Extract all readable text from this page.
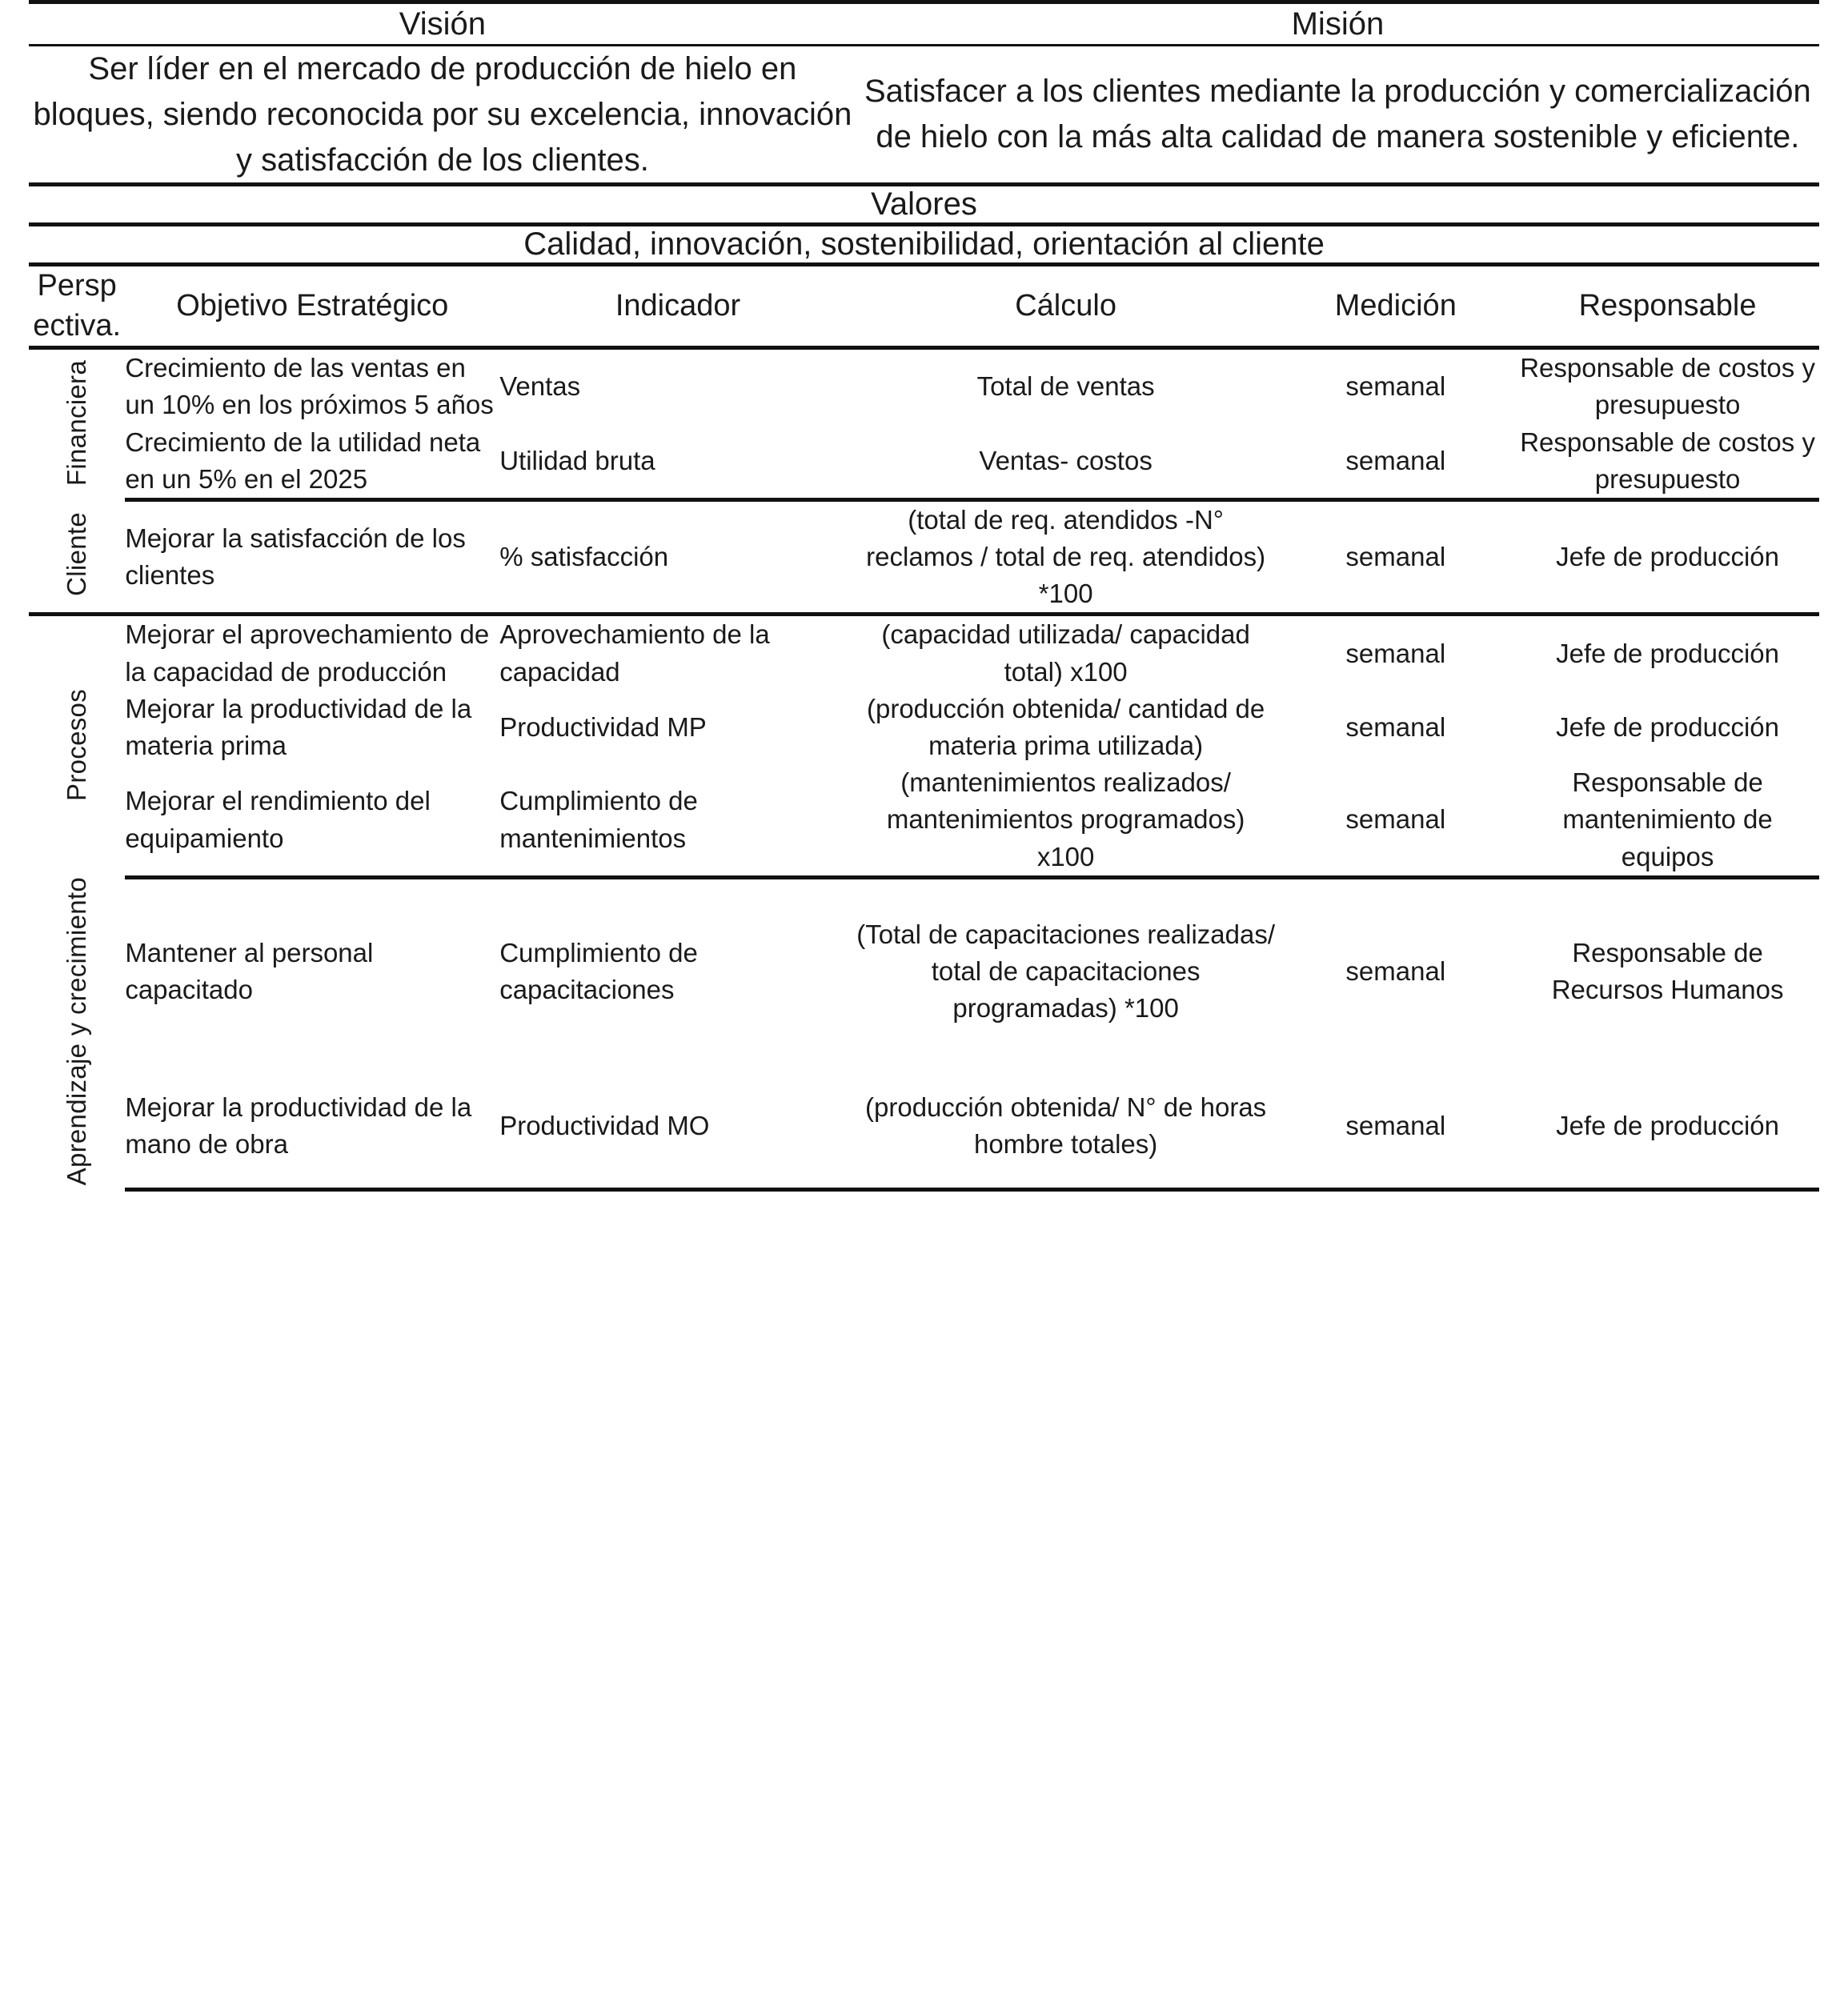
Visión			Misión		
Ser líder en el mercado de producción de hielo en bloques, siendo reconocida por su excelencia, innovación y satisfacción de los clientes.			Satisfacer a los clientes mediante la producción y comercialización de hielo con la más alta calidad de manera sostenible y eficiente.		
Valores					
Calidad, innovación, sostenibilidad, orientación al cliente					
Persp ectiva.	Objetivo Estratégico	Indicador	Cálculo	Medición	Responsable
Financiera	Crecimiento de las ventas en un 10% en los próximos 5 años	Ventas	Total de ventas	semanal	Responsable de costos y presupuesto
	Crecimiento de la utilidad neta en un 5% en el 2025	Utilidad bruta	Ventas- costos	semanal	Responsable de costos y presupuesto
Cliente	Mejorar la satisfacción de los clientes	% satisfacción	(total de req. atendidos -N° reclamos / total de req. atendidos) *100	semanal	Jefe de producción
Procesos	Mejorar el aprovechamiento de la capacidad de producción	Aprovechamiento de la capacidad	(capacidad utilizada/ capacidad total) x100	semanal	Jefe de producción
	Mejorar la productividad de la materia prima	Productividad MP	(producción obtenida/ cantidad de materia prima utilizada)	semanal	Jefe de producción
	Mejorar el rendimiento del equipamiento	Cumplimiento de mantenimientos	(mantenimientos realizados/ mantenimientos programados) x100	semanal	Responsable de mantenimiento de equipos
Aprendizaje y crecimiento	Mantener al personal capacitado	Cumplimiento de capacitaciones	(Total de capacitaciones realizadas/ total de capacitaciones programadas) *100	semanal	Responsable de Recursos Humanos
	Mejorar la productividad de la mano de obra	Productividad MO	(producción obtenida/ N° de horas hombre totales)	semanal	Jefe de producción
